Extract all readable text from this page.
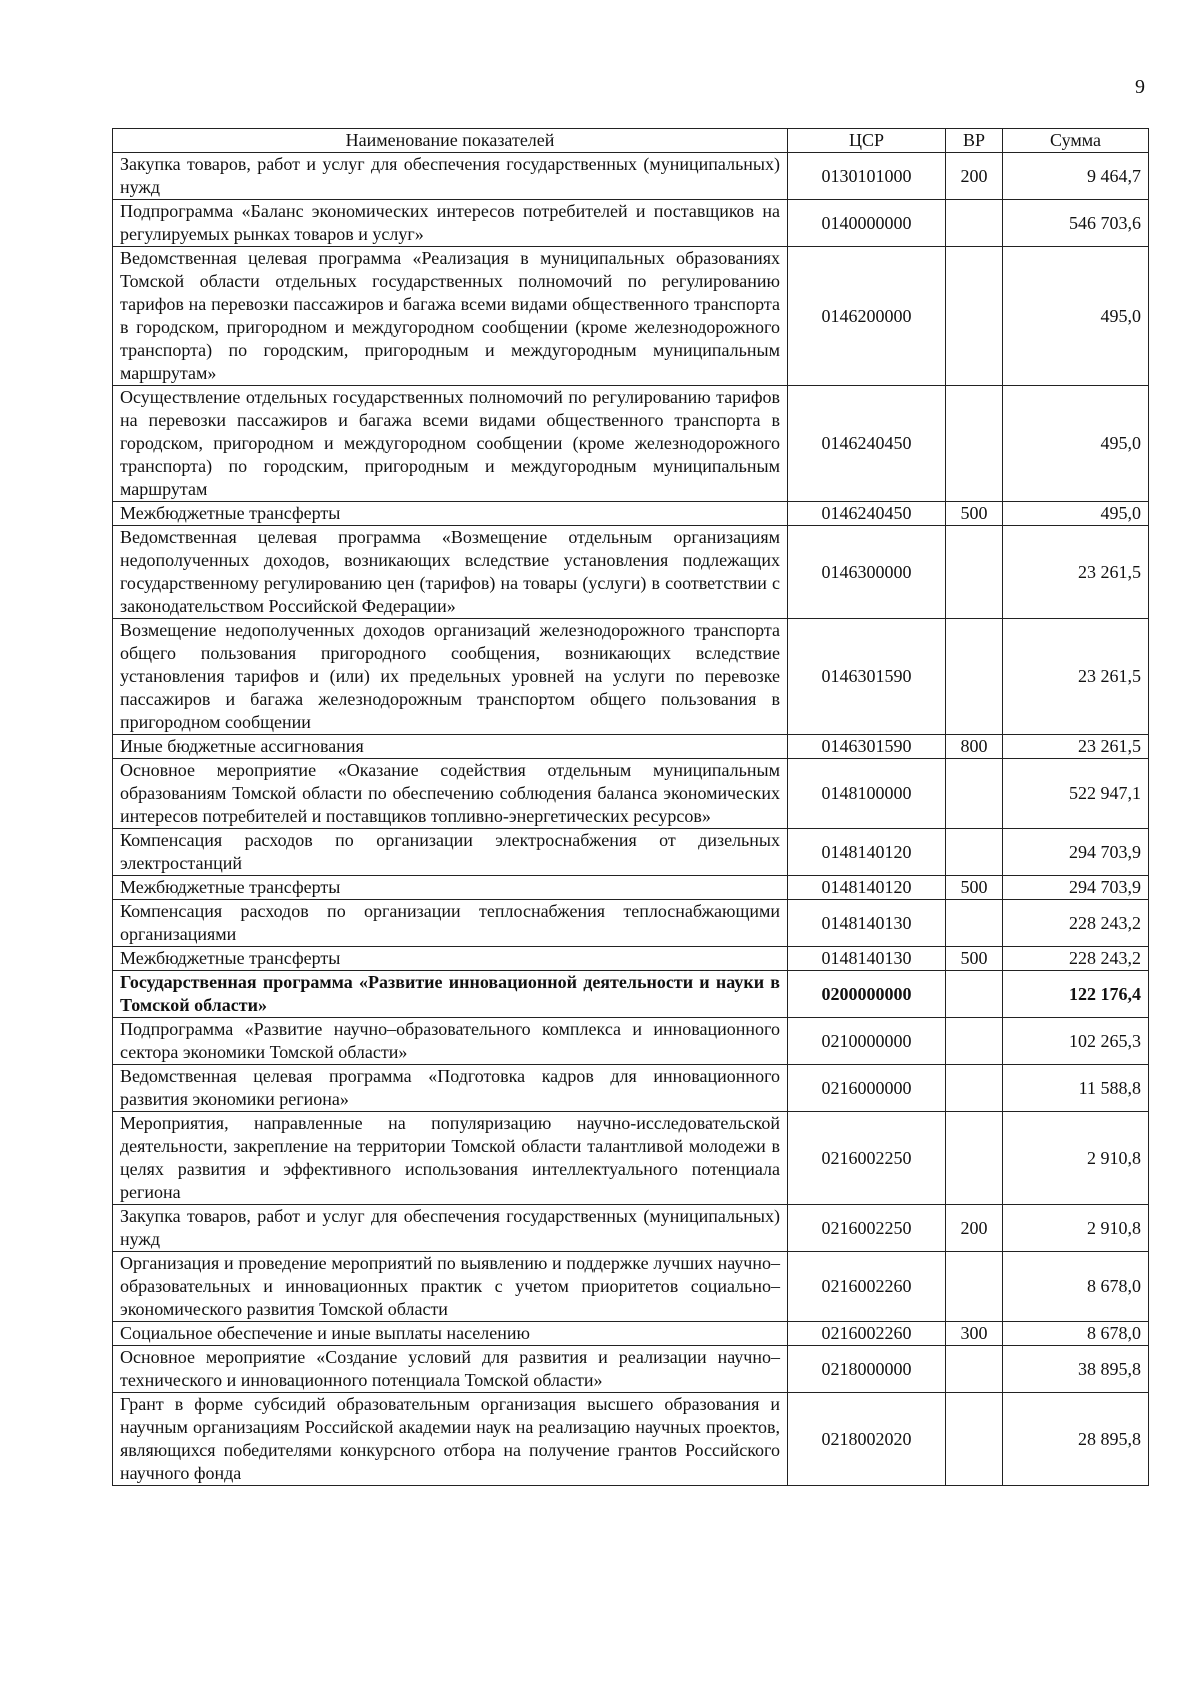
9
Наименование показателей	ЦСР	ВР	Сумма
Закупка товаров, работ и услуг для обеспечения государственных (муниципальных) нужд	0130101000	200	9 464,7
Подпрограмма «Баланс экономических интересов потребителей и поставщиков на регулируемых рынках товаров и услуг»	0140000000		546 703,6
Ведомственная целевая программа «Реализация в муниципальных образованиях Томской области отдельных государственных полномочий по регулированию тарифов на перевозки пассажиров и багажа всеми видами общественного транспорта в городском, пригородном и междугородном сообщении (кроме железнодорожного транспорта) по городским, пригородным и междугородным муниципальным маршрутам»	0146200000		495,0
Осуществление отдельных государственных полномочий по регулированию тарифов на перевозки пассажиров и багажа всеми видами общественного транспорта в городском, пригородном и междугородном сообщении (кроме железнодорожного транспорта) по городским, пригородным и междугородным муниципальным маршрутам	0146240450		495,0
Межбюджетные трансферты	0146240450	500	495,0
Ведомственная целевая программа «Возмещение отдельным организациям недополученных доходов, возникающих вследствие установления подлежащих государственному регулированию цен (тарифов) на товары (услуги) в соответствии с законодательством Российской Федерации»	0146300000		23 261,5
Возмещение недополученных доходов организаций железнодорожного транспорта общего пользования пригородного сообщения, возникающих вследствие установления тарифов и (или) их предельных уровней на услуги по перевозке пассажиров и багажа железнодорожным транспортом общего пользования в пригородном сообщении	0146301590		23 261,5
Иные бюджетные ассигнования	0146301590	800	23 261,5
Основное мероприятие «Оказание содействия отдельным муниципальным образованиям Томской области по обеспечению соблюдения баланса экономических интересов потребителей и поставщиков топливно-энергетических ресурсов»	0148100000		522 947,1
Компенсация расходов по организации электроснабжения от дизельных электростанций	0148140120		294 703,9
Межбюджетные трансферты	0148140120	500	294 703,9
Компенсация расходов по организации теплоснабжения теплоснабжающими организациями	0148140130		228 243,2
Межбюджетные трансферты	0148140130	500	228 243,2
Государственная программа «Развитие инновационной деятельности и науки в Томской области»	0200000000		122 176,4
Подпрограмма «Развитие научно–образовательного комплекса и инновационного сектора экономики Томской области»	0210000000		102 265,3
Ведомственная целевая программа «Подготовка кадров для инновационного развития экономики региона»	0216000000		11 588,8
Мероприятия, направленные на популяризацию научно-исследовательской деятельности, закрепление на территории Томской области талантливой молодежи в целях развития и эффективного использования интеллектуального потенциала региона	0216002250		2 910,8
Закупка товаров, работ и услуг для обеспечения государственных (муниципальных) нужд	0216002250	200	2 910,8
Организация и проведение мероприятий по выявлению и поддержке лучших научно–образовательных и инновационных практик с учетом приоритетов социально–экономического развития Томской области	0216002260		8 678,0
Социальное обеспечение и иные выплаты населению	0216002260	300	8 678,0
Основное мероприятие «Создание условий для развития и реализации научно–технического и инновационного потенциала Томской области»	0218000000		38 895,8
Грант в форме субсидий образовательным организация высшего образования и научным организациям Российской академии наук на реализацию научных проектов, являющихся победителями конкурсного отбора на получение грантов Российского научного фонда	0218002020		28 895,8
